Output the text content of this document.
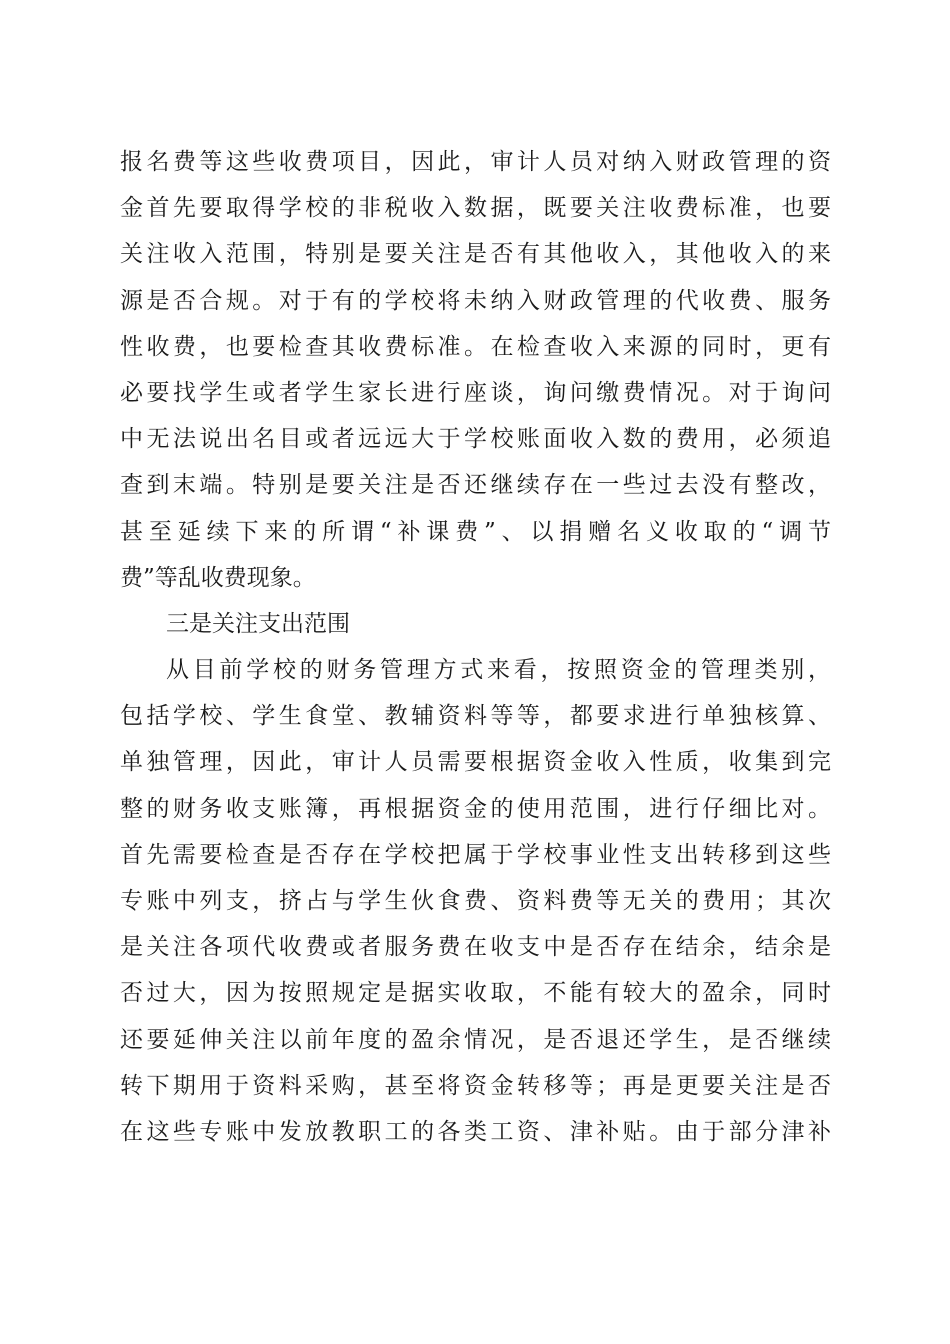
报名费等这些收费项目，因此，审计人员对纳入财政管理的资
金首先要取得学校的非税收入数据，既要关注收费标准，也要
关注收入范围，特别是要关注是否有其他收入，其他收入的来
源是否合规。对于有的学校将未纳入财政管理的代收费、服务
性收费，也要检查其收费标准。在检查收入来源的同时，更有
必要找学生或者学生家长进行座谈，询问缴费情况。对于询问
中无法说出名目或者远远大于学校账面收入数的费用，必须追
查到末端。特别是要关注是否还继续存在一些过去没有整改，
甚至延续下来的所谓“补课费”、以捐赠名义收取的“调节
费”等乱收费现象。
三是关注支出范围
从目前学校的财务管理方式来看，按照资金的管理类别，
包括学校、学生食堂、教辅资料等等，都要求进行单独核算、
单独管理，因此，审计人员需要根据资金收入性质，收集到完
整的财务收支账簿，再根据资金的使用范围，进行仔细比对。
首先需要检查是否存在学校把属于学校事业性支出转移到这些
专账中列支，挤占与学生伙食费、资料费等无关的费用；其次
是关注各项代收费或者服务费在收支中是否存在结余，结余是
否过大，因为按照规定是据实收取，不能有较大的盈余，同时
还要延伸关注以前年度的盈余情况，是否退还学生，是否继续
转下期用于资料采购，甚至将资金转移等；再是更要关注是否
在这些专账中发放教职工的各类工资、津补贴。由于部分津补
